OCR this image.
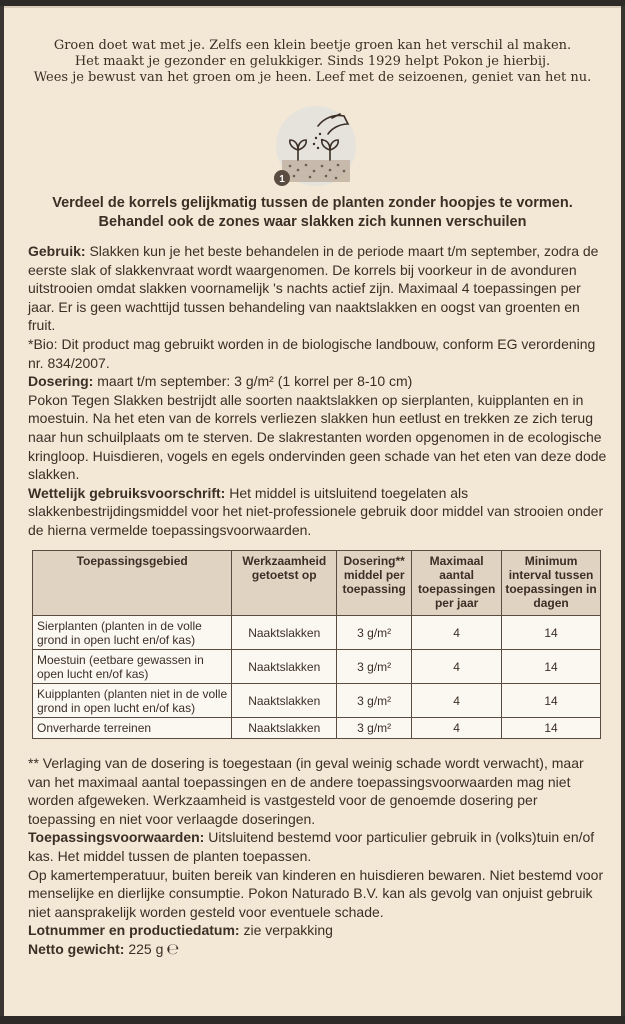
Groen doet wat met je. Zelfs een klein beetje groen kan het verschil al maken.
Het maakt je gezonder en gelukkiger. Sinds 1929 helpt Pokon je hierbij.
Wees je bewust van het groen om je heen. Leef met de seizoenen, geniet van het nu.
1
Verdeel de korrels gelijkmatig tussen de planten zonder hoopjes te vormen.
Behandel ook de zones waar slakken zich kunnen verschuilen

Gebruik: Slakken kun je het beste behandelen in de periode maart t/m september, zodra de eerste slak of slakkenvraat wordt waargenomen. De korrels bij voorkeur in de avonduren uitstrooien omdat slakken voornamelijk 's nachts actief zijn. Maximaal 4 toepassingen per jaar. Er is geen wachttijd tussen behandeling van naaktslakken en oogst van groenten en fruit.

*Bio: Dit product mag gebruikt worden in de biologische landbouw, conform EG verordening nr. 834/2007.

Dosering: maart t/m september: 3 g/m² (1 korrel per 8-10 cm)

Pokon Tegen Slakken bestrijdt alle soorten naaktslakken op sierplanten, kuipplanten en in moestuin. Na het eten van de korrels verliezen slakken hun eetlust en trekken ze zich terug naar hun schuilplaats om te sterven. De slakrestanten worden opgenomen in de ecologische kringloop. Huisdieren, vogels en egels ondervinden geen schade van het eten van deze dode slakken.

Wettelijk gebruiksvoorschrift: Het middel is uitsluitend toegelaten als slakkenbestrijdingsmiddel voor het niet-professionele gebruik door middel van strooien onder de hierna vermelde toepassingsvoorwaarden.

Toepassingsgebied	Werkzaamheid getoetst op	Dosering** middel per toepassing	Maximaal aantal toepassingen per jaar	Minimum interval tussen toepassingen in dagen
Sierplanten (planten in de volle grond in open lucht en/of kas)	Naaktslakken	3 g/m²	4	14
Moestuin (eetbare gewassen in open lucht en/of kas)	Naaktslakken	3 g/m²	4	14
Kuipplanten (planten niet in de volle grond in open lucht en/of kas)	Naaktslakken	3 g/m²	4	14
Onverharde terreinen	Naaktslakken	3 g/m²	4	14

** Verlaging van de dosering is toegestaan (in geval weinig schade wordt verwacht), maar van het maximaal aantal toepassingen en de andere toepassingsvoorwaarden mag niet worden afgeweken. Werkzaamheid is vastgesteld voor de genoemde dosering per toepassing en niet voor verlaagde doseringen.

Toepassingsvoorwaarden: Uitsluitend bestemd voor particulier gebruik in (volks)tuin en/of kas. Het middel tussen de planten toepassen.

Op kamertemperatuur, buiten bereik van kinderen en huisdieren bewaren. Niet bestemd voor menselijke en dierlijke consumptie. Pokon Naturado B.V. kan als gevolg van onjuist gebruik niet aansprakelijk worden gesteld voor eventuele schade.

Lotnummer en productiedatum: zie verpakking

Netto gewicht: 225 g ℮
